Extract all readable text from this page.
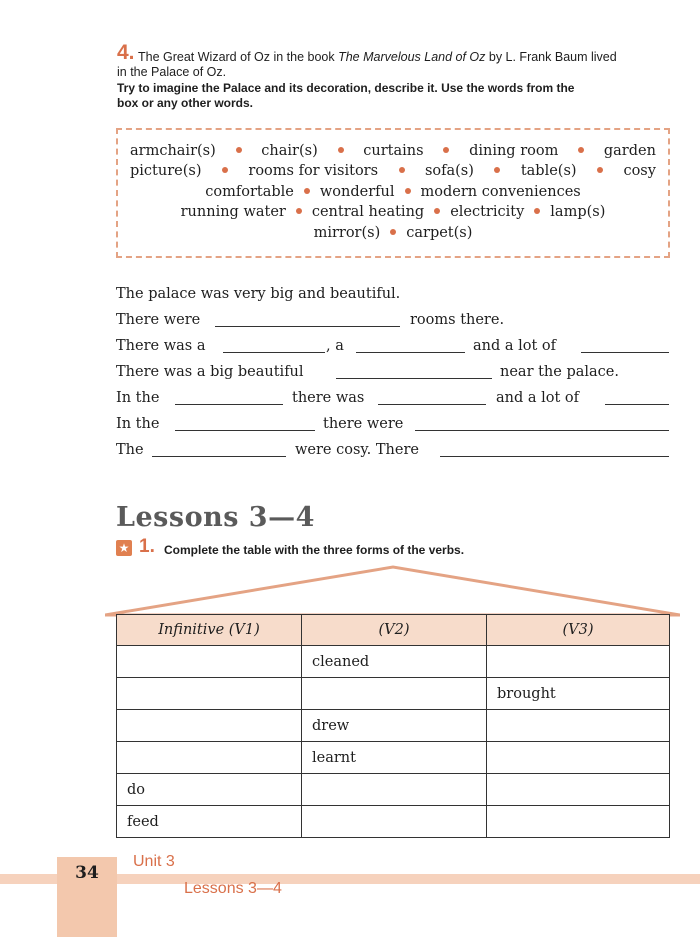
4. The Great Wizard of Oz in the book The Marvelous Land of Oz by L. Frank Baum lived
in the Palace of Oz.
Try to imagine the Palace and its decoration, describe it. Use the words from the
box or any other words.
armchair(s)	chair(s)	curtains	dining room	garden
picture(s)	rooms for visitors	sofa(s)	table(s)	cosy
comfortable wonderful modern conveniences
running water central heating electricity lamp(s)
mirror(s) carpet(s)
The palace was very big and beautiful.
There were	rooms there.
There was a	, a	and a lot of
There was a big beautiful	near the palace.
In the	there was	and a lot of
In the	there were
The	were cosy. There
Lessons 3—4
★ 1. Complete the table with the three forms of the verbs.
Infinitive (V1)	(V2)	(V3)
	cleaned	
		brought
	drew	
	learnt	
do		
feed		
34
Unit 3
Lessons 3—4
